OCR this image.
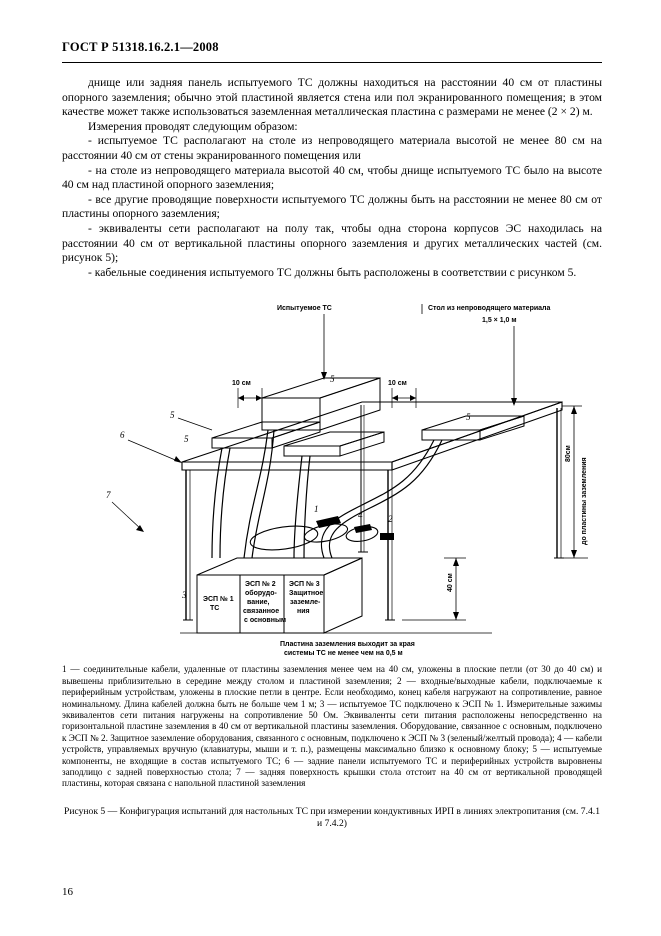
ГОСТ Р 51318.16.2.1—2008

днище или задняя панель испытуемого ТС должны находиться на расстоянии 40 см от пластины опорного заземления; обычно этой пластиной является стена или пол экранированного помещения; в этом качестве может также использоваться заземленная металлическая пластина с размерами не менее (2 × 2) м.

Измерения проводят следующим образом:

- испытуемое ТС располагают на столе из непроводящего материала высотой не менее 80 см на расстоянии 40 см от стены экранированного помещения или

- на столе из непроводящего материала высотой 40 см, чтобы днище испытуемого ТС было на высоте 40 см над пластиной опорного заземления;

- все другие проводящие поверхности испытуемого ТС должны быть на расстоянии не менее 80 см от пластины опорного заземления;

- эквиваленты сети располагают на полу так, чтобы одна сторона корпусов ЭС находилась на расстоянии 40 см от вертикальной пластины опорного заземления и других металлических частей (см. рисунок 5);

- кабельные соединения испытуемого ТС должны быть расположены в соответствии с рисунком 5.

ЭСП № 1
ТС
ЭСП № 2
оборудо-
вание,
связанное
с основным
ЭСП № 3
Защитное
заземле-
ния
10 см	10 см
Испытуемое ТС	Стол из непроводящего материала
1,5 × 1,0 м
80см
до пластины заземления
40 см
6
7
5
5
5
5
1
4	2
3
Пластина заземления выходит за края
системы ТС не менее чем на 0,5 м
1 — соединительные кабели, удаленные от пластины заземления менее чем на 40 см, уложены в плоские петли (от 30 до 40 см) и вывешены приблизительно в середине между столом и пластиной заземления; 2 — входные/выходные кабели, подключаемые к периферийным устройствам, уложены в плоские петли в центре. Если необходимо, конец кабеля нагружают на сопротивление, равное номинальному. Длина кабелей должна быть не больше чем 1 м; 3 — испытуемое ТС подключено к ЭСП № 1. Измерительные зажимы эквивалентов сети питания нагружены на сопротивление 50 Ом. Эквиваленты сети питания расположены непосредственно на горизонтальной пластине заземления в 40 см от вертикальной пластины заземления. Оборудование, связанное с основным, подключено к ЭСП № 2. Защитное заземление оборудования, связанного с основным, подключено к ЭСП № 3 (зеленый/желтый провода); 4 — кабели устройств, управляемых вручную (клавиатуры, мыши и т. п.), размещены максимально близко к основному блоку; 5 — испытуемые компоненты, не входящие в состав испытуемого ТС; 6 — задние панели испытуемого ТС и периферийных устройств выровнены заподлицо с задней поверхностью стола; 7 — задняя поверхность крышки стола отстоит на 40 см от вертикальной проводящей пластины, которая связана с напольной пластиной заземления
Рисунок 5 — Конфигурация испытаний для настольных ТС при измерении кондуктивных ИРП в линиях электропитания (см. 7.4.1 и 7.4.2)
16
